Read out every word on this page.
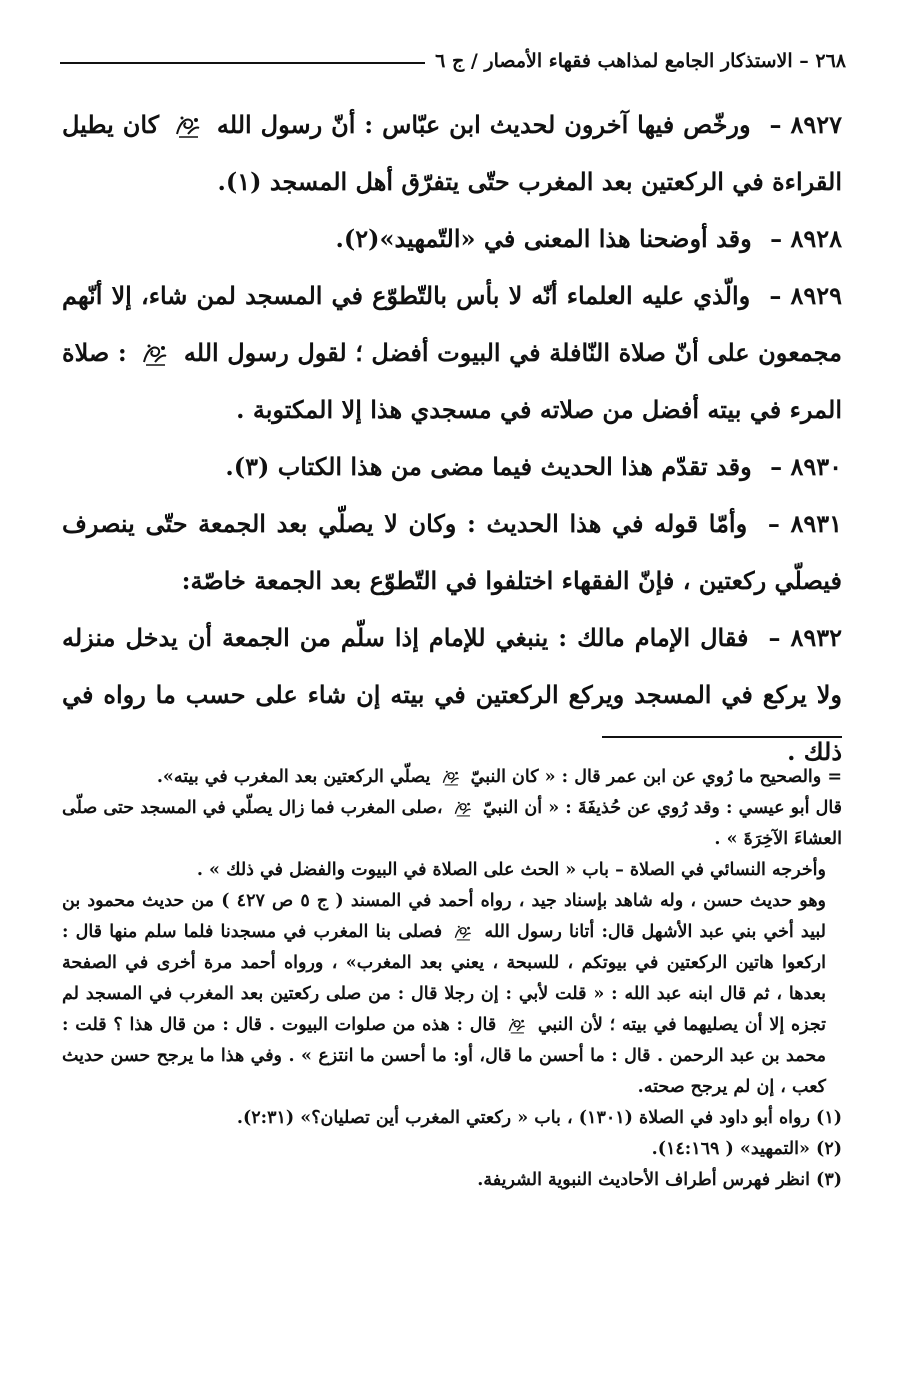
٢٦٨ – الاستذكار الجامع لمذاهب فقهاء الأمصار / ج ٦

٨٩٢٧ – ورخّص فيها آخرون لحديث ابن عبّاس : أنّ رسول الله  كان يطيل القراءة في الركعتين بعد المغرب حتّى يتفرّق أهل المسجد (١).

٨٩٢٨ – وقد أوضحنا هذا المعنى في «التّمهيد»(٢).

٨٩٢٩ – والّذي عليه العلماء أنّه لا بأس بالتّطوّع في المسجد لمن شاء، إلا أنّهم مجمعون على أنّ صلاة النّافلة في البيوت أفضل ؛ لقول رسول الله  : صلاة المرء في بيته أفضل من صلاته في مسجدي هذا إلا المكتوبة .

٨٩٣٠ – وقد تقدّم هذا الحديث فيما مضى من هذا الكتاب (٣).

٨٩٣١ – وأمّا قوله في هذا الحديث : وكان لا يصلّي بعد الجمعة حتّى ينصرف فيصلّي ركعتين ، فإنّ الفقهاء اختلفوا في التّطوّع بعد الجمعة خاصّة:

٨٩٣٢ – فقال الإمام مالك : ينبغي للإمام إذا سلّم من الجمعة أن يدخل منزله ولا يركع في المسجد ويركع الركعتين في بيته إن شاء على حسب ما رواه في ذلك .

= والصحيح ما رُوي عن ابن عمر قال : « كان النبيّ  يصلّي الركعتين بعد المغرب في بيته».

قال أبو عيسي : وقد رُوي عن حُذيفَةَ : « أن النبيّ  ،صلى المغرب فما زال يصلّي في المسجد حتى صلّى العشاءَ الآخِرَةَ » .

وأخرجه النسائي في الصلاة – باب « الحث على الصلاة في البيوت والفضل في ذلك » .

وهو حديث حسن ، وله شاهد بإسناد جيد ، رواه أحمد في المسند ( ج ٥ ص ٤٢٧ ) من حديث محمود بن لبيد أخي بني عبد الأشهل قال: أتانا رسول الله  فصلى بنا المغرب في مسجدنا فلما سلم منها قال : اركعوا هاتين الركعتين في بيوتكم ، للسبحة ، يعني بعد المغرب» ، ورواه أحمد مرة أخرى في الصفحة بعدها ، ثم قال ابنه عبد الله : « قلت لأبي : إن رجلا قال : من صلى ركعتين بعد المغرب في المسجد لم تجزه إلا أن يصليهما في بيته ؛ لأن النبي  قال : هذه من صلوات البيوت . قال : من قال هذا ؟ قلت : محمد بن عبد الرحمن . قال : ما أحسن ما قال، أو: ما أحسن ما انتزع » . وفي هذا ما يرجح حسن حديث كعب ، إن لم يرجح صحته.

(١) رواه أبو داود في الصلاة (١٣٠١) ، باب « ركعتي المغرب أين تصليان؟» (٢:٣١).

(٢) «التمهيد» ( ١٤:١٦٩).

(٣) انظر فهرس أطراف الأحاديث النبوية الشريفة.
